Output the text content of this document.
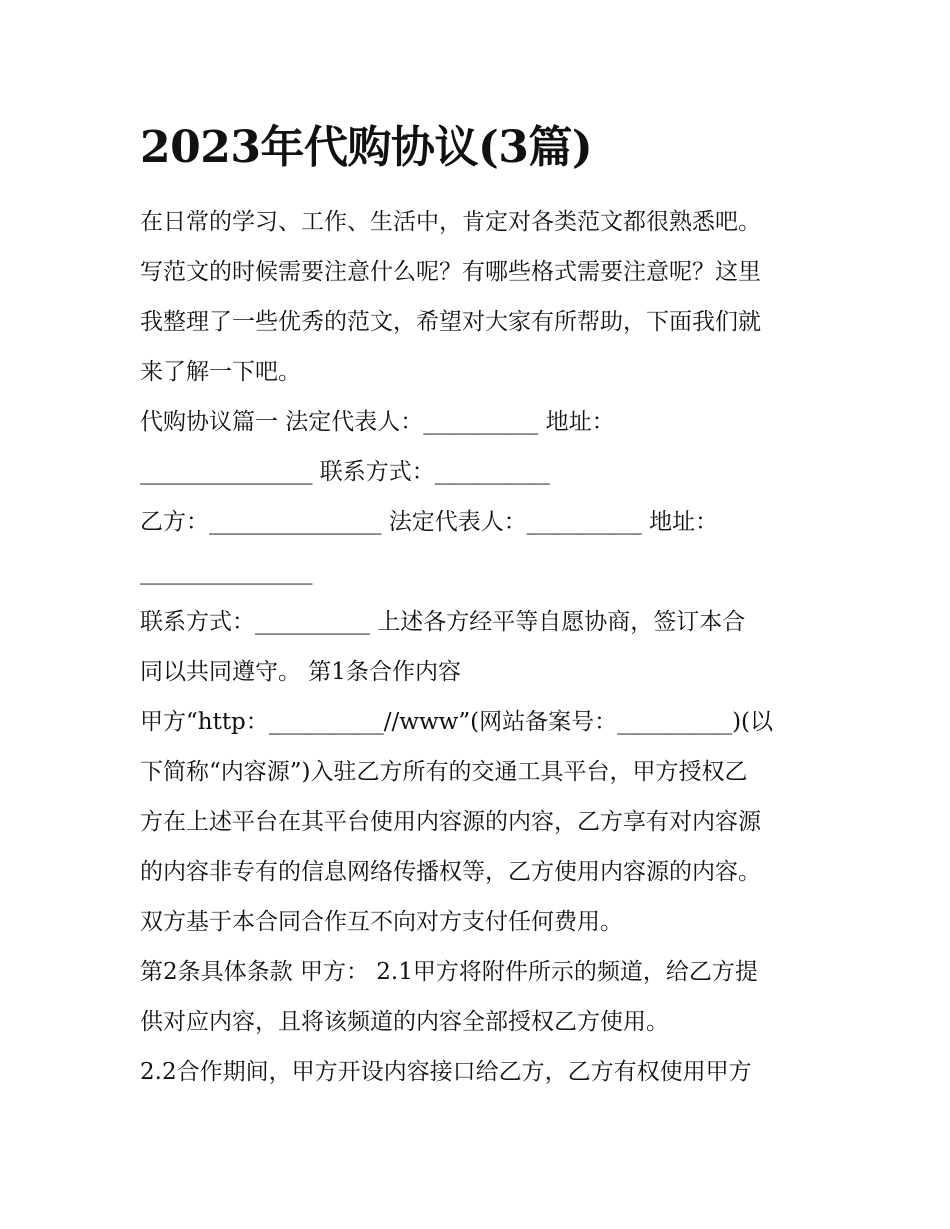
2023年代购协议(3篇)
在日常的学习、工作、生活中，肯定对各类范文都很熟悉吧。
写范文的时候需要注意什么呢？有哪些格式需要注意呢？这里
我整理了一些优秀的范文，希望对大家有所帮助，下面我们就
来了解一下吧。
代购协议篇一 法定代表人：__________ 地址：
_______________ 联系方式：__________
乙方：_______________ 法定代表人：__________ 地址：
_______________
联系方式：__________ 上述各方经平等自愿协商，签订本合
同以共同遵守。 第1条合作内容
甲方“http：__________//www”(网站备案号：__________)(以
下简称“内容源”)入驻乙方所有的交通工具平台，甲方授权乙
方在上述平台在其平台使用内容源的内容，乙方享有对内容源
的内容非专有的信息网络传播权等，乙方使用内容源的内容。
双方基于本合同合作互不向对方支付任何费用。
第2条具体条款 甲方： 2.1甲方将附件所示的频道，给乙方提
供对应内容，且将该频道的内容全部授权乙方使用。
2.2合作期间，甲方开设内容接口给乙方，乙方有权使用甲方
